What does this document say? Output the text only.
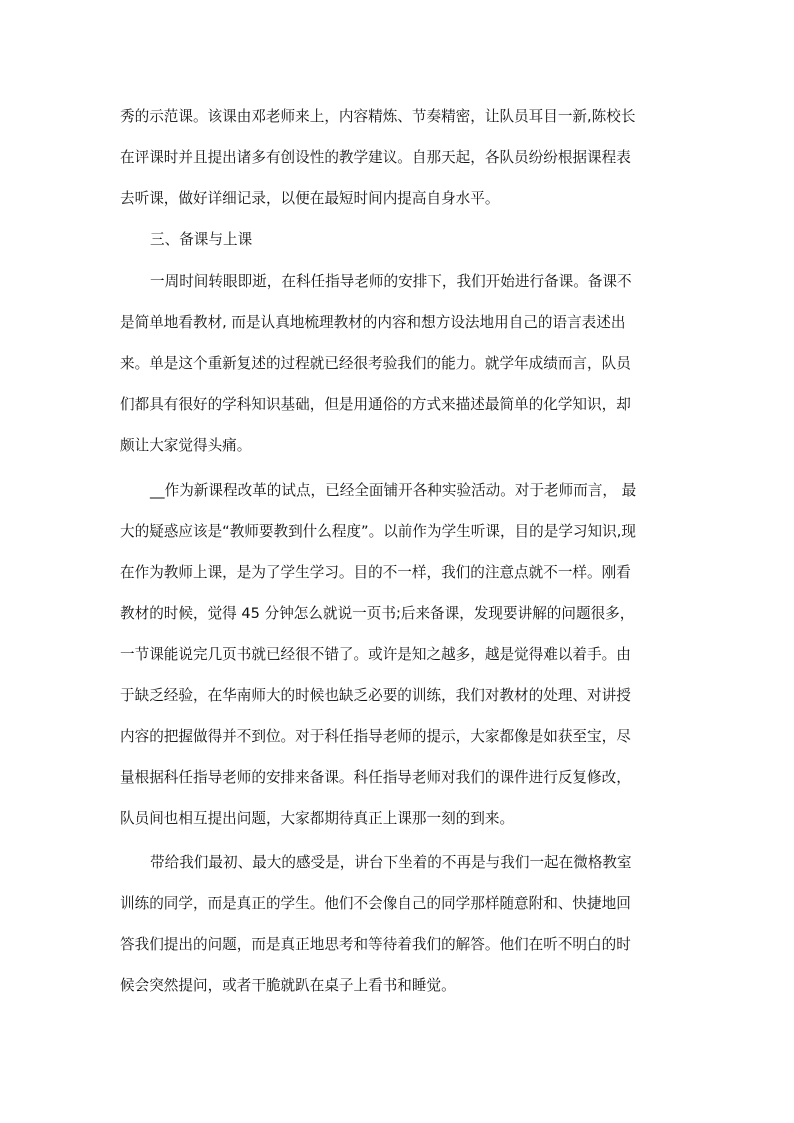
秀的示范课。该课由邓老师来上，内容精炼、节奏精密，让队员耳目一新,陈校长
在评课时并且提出诸多有创设性的教学建议。自那天起，各队员纷纷根据课程表
去听课，做好详细记录，以便在最短时间内提高自身水平。
三、备课与上课
一周时间转眼即逝，在科任指导老师的安排下，我们开始进行备课。备课不
是简单地看教材, 而是认真地梳理教材的内容和想方设法地用自己的语言表述出
来。单是这个重新复述的过程就已经很考验我们的能力。就学年成绩而言，队员
们都具有很好的学科知识基础，但是用通俗的方式来描述最简单的化学知识，却
颇让大家觉得头痛。
__作为新课程改革的试点，已经全面铺开各种实验活动。对于老师而言， 最
大的疑惑应该是“教师要教到什么程度”。以前作为学生听课，目的是学习知识,现
在作为教师上课，是为了学生学习。目的不一样，我们的注意点就不一样。刚看
教材的时候，觉得 45 分钟怎么就说一页书;后来备课，发现要讲解的问题很多，
一节课能说完几页书就已经很不错了。或许是知之越多，越是觉得难以着手。由
于缺乏经验，在华南师大的时候也缺乏必要的训练，我们对教材的处理、对讲授
内容的把握做得并不到位。对于科任指导老师的提示，大家都像是如获至宝，尽
量根据科任指导老师的安排来备课。科任指导老师对我们的课件进行反复修改，
队员间也相互提出问题，大家都期待真正上课那一刻的到来。
带给我们最初、最大的感受是，讲台下坐着的不再是与我们一起在微格教室
训练的同学，而是真正的学生。他们不会像自己的同学那样随意附和、快捷地回
答我们提出的问题，而是真正地思考和等待着我们的解答。他们在听不明白的时
候会突然提问，或者干脆就趴在桌子上看书和睡觉。
